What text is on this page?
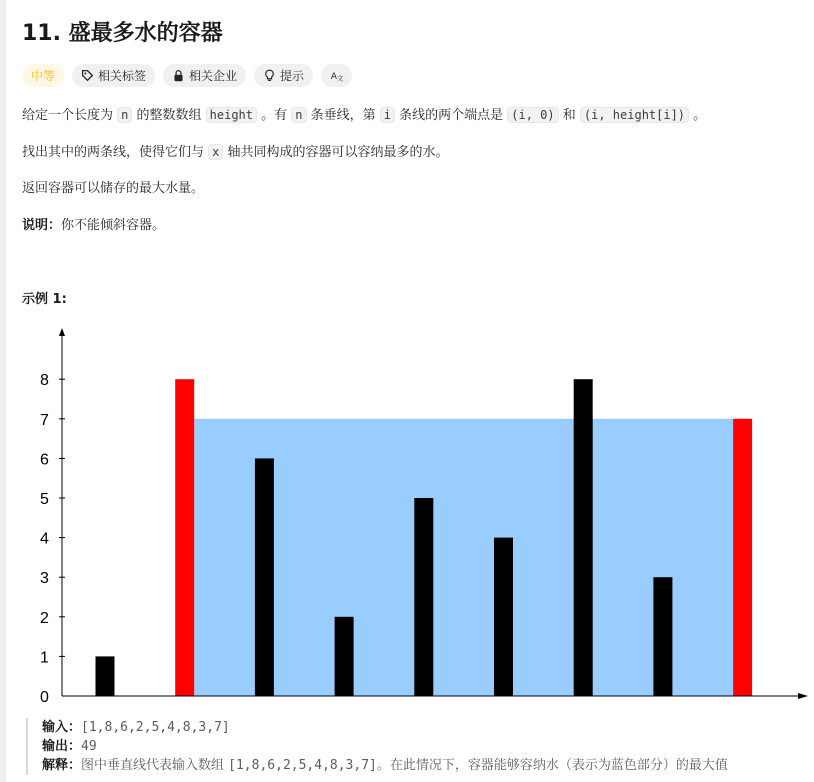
11. 盛最多水的容器
中等	相关标签	相关企业	提示 A 文

给定一个长度为 n 的整数数组 height 。有 n 条垂线，第 i 条线的两个端点是 (i, 0) 和 (i, height[i]) 。

找出其中的两条线，使得它们与 x 轴共同构成的容器可以容纳最多的水。

返回容器可以储存的最大水量。

说明：你不能倾斜容器。

示例 1:

0
1
2
3
4
5
6
7
8
输入：[1,8,6,2,5,4,8,3,7]
输出：49
解释：图中垂直线代表输入数组 [1,8,6,2,5,4,8,3,7]。在此情况下，容器能够容纳水（表示为蓝色部分）的最大值
